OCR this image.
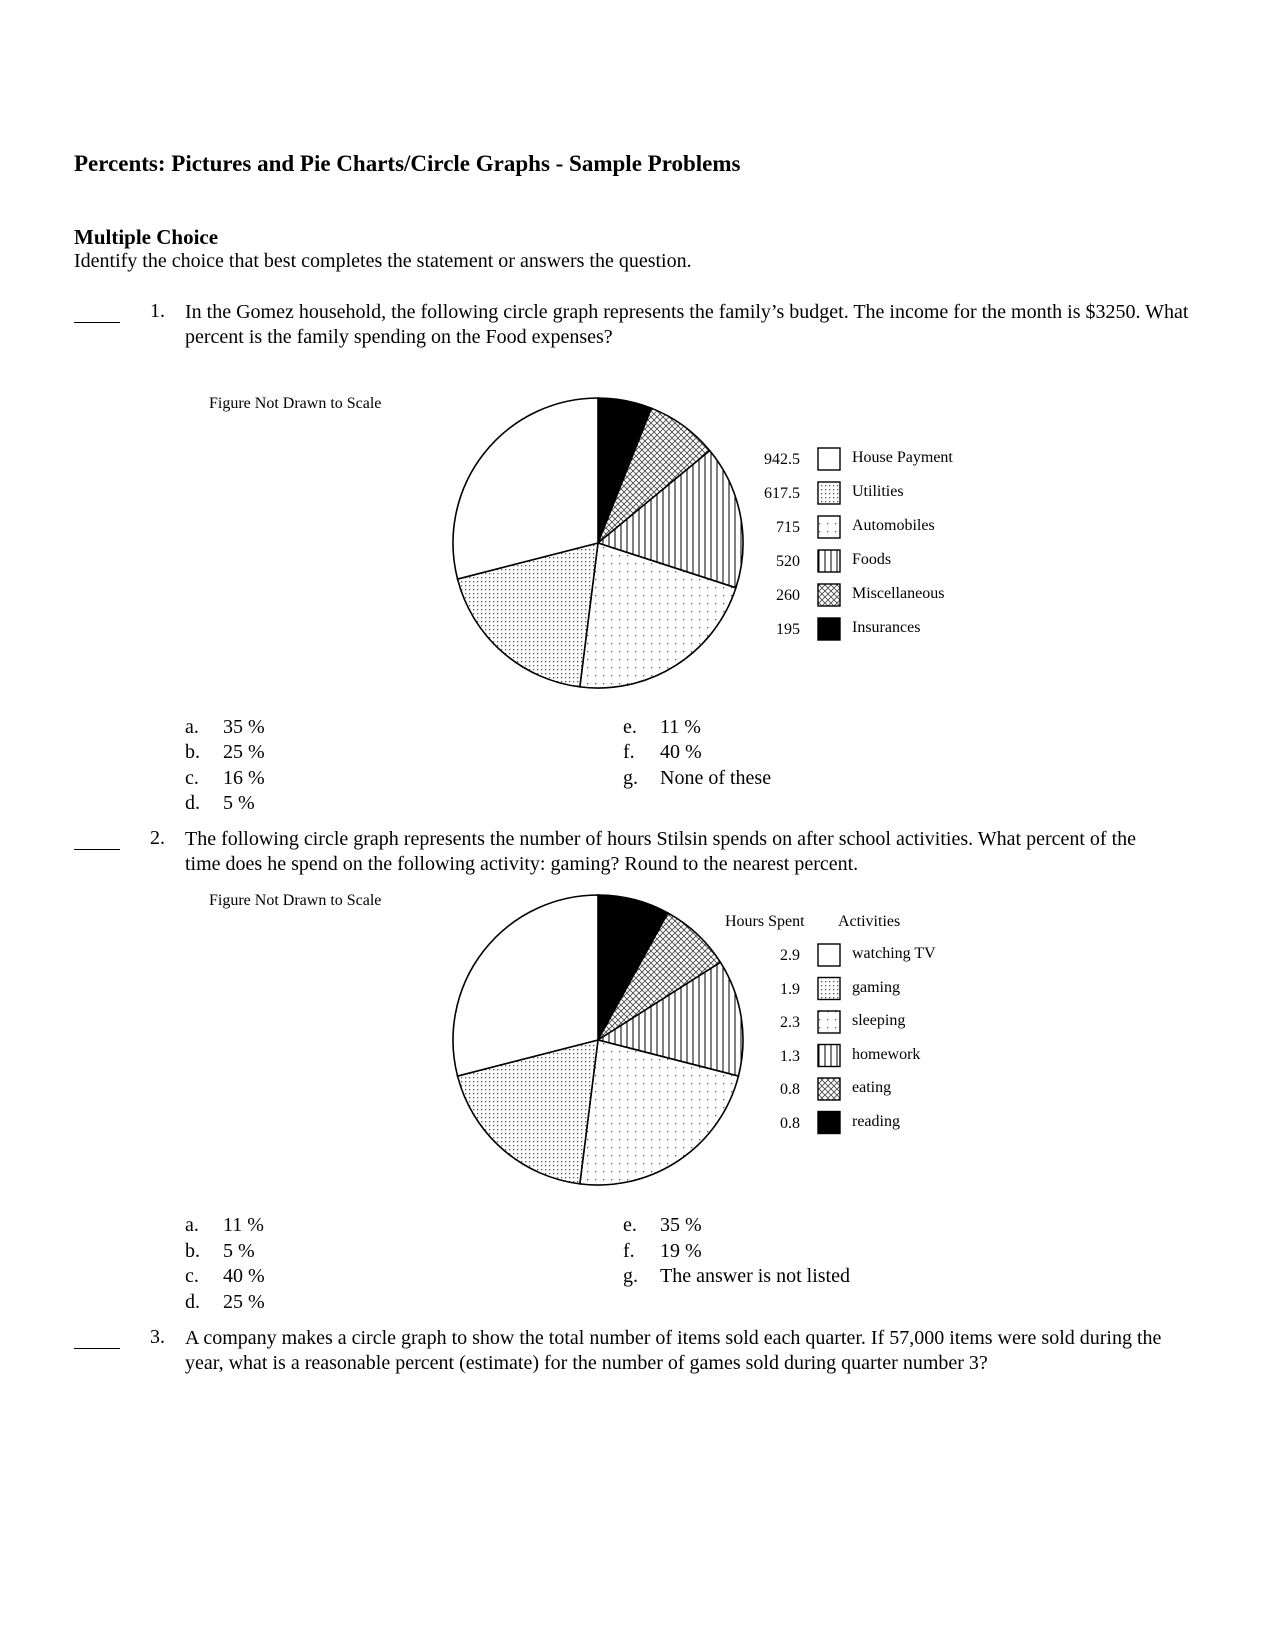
Percents: Pictures and Pie Charts/Circle Graphs - Sample Problems
Multiple Choice
Identify the choice that best completes the statement or answers the question.
1. In the Gomez household, the following circle graph represents the family’s budget. The income for the month is $3250. What percent is the family spending on the Food expenses?
Figure Not Drawn to Scale
942.5	House Payment
617.5	Utilities
715	Automobiles
520	Foods
260	Miscellaneous
195	Insurances
a. 35 %
b. 25 %
c. 16 %
d. 5 %
e. 11 %
f. 40 %
g. None of these
2. The following circle graph represents the number of hours Stilsin spends on after school activities. What percent of the time does he spend on the following activity: gaming? Round to the nearest percent.
Figure Not Drawn to Scale
Hours Spent Activities
2.9	watching TV
1.9	gaming
2.3	sleeping
1.3	homework
0.8	eating
0.8	reading
a. 11 %
b. 5 %
c. 40 %
d. 25 %
e. 35 %
f. 19 %
g. The answer is not listed
3. A company makes a circle graph to show the total number of items sold each quarter. If 57,000 items were sold during the year, what is a reasonable percent (estimate) for the number of games sold during quarter number 3?
